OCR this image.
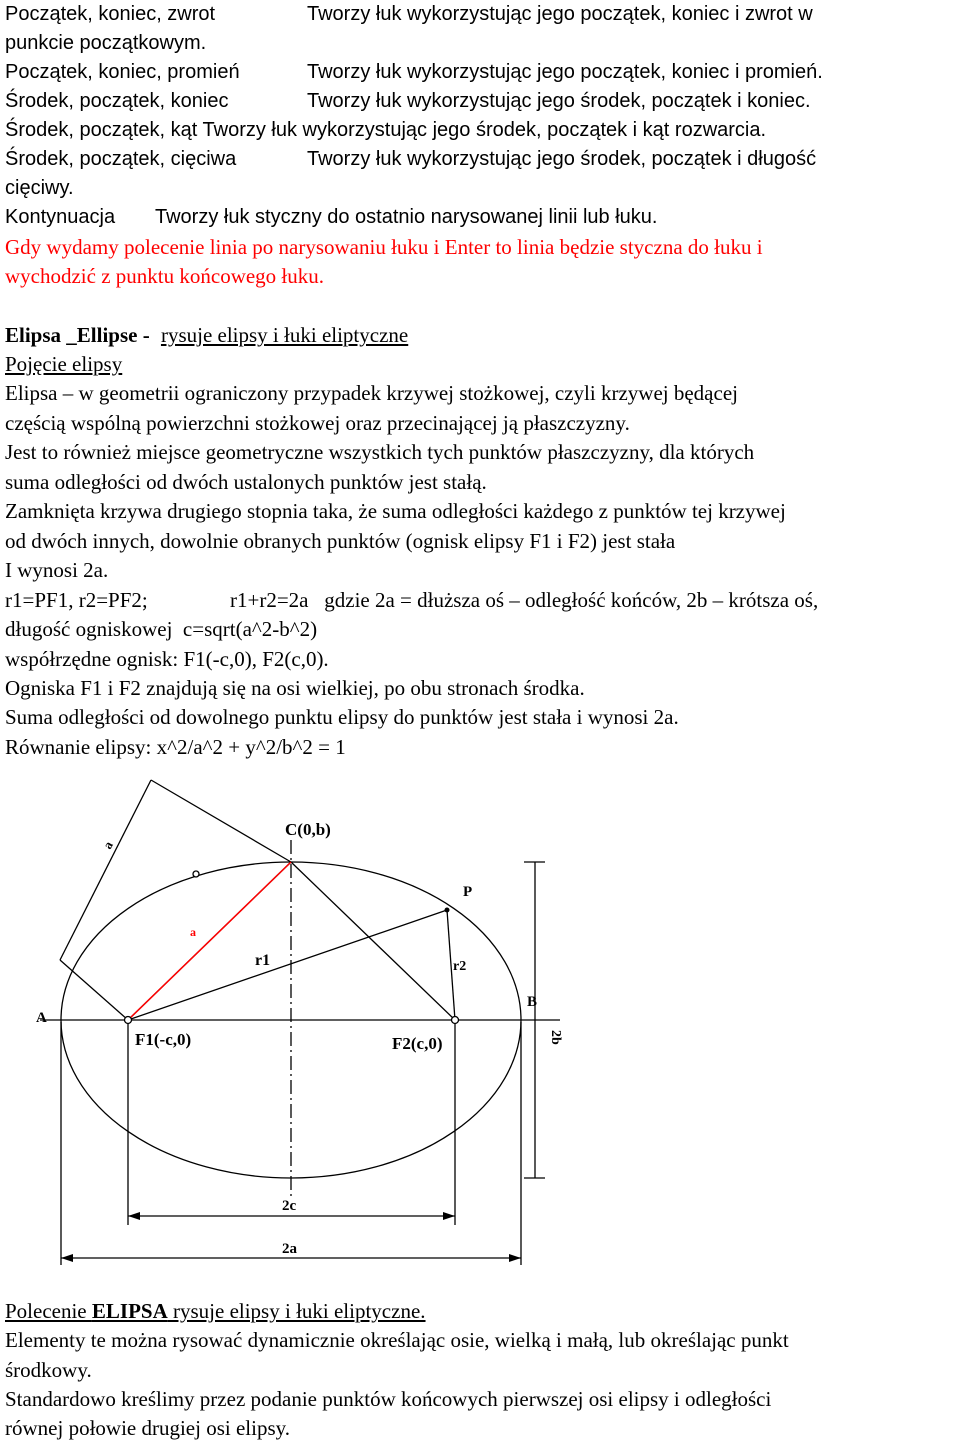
Początek, koniec, zwrot	Tworzy łuk wykorzystując jego początek, koniec i zwrot w
punkcie początkowym.
Początek, koniec, promień	Tworzy łuk wykorzystując jego początek, koniec i promień.
Środek, początek, koniec	Tworzy łuk wykorzystując jego środek, początek i koniec.
Środek, początek, kąt Tworzy łuk wykorzystując jego środek, początek i kąt rozwarcia.
Środek, początek, cięciwa	Tworzy łuk wykorzystując jego środek, początek i długość
cięciwy.
Kontynuacja Tworzy łuk styczny do ostatnio narysowanej linii lub łuku.
Gdy wydamy polecenie linia po narysowaniu łuku i Enter to linia będzie styczna do łuku i
wychodzić z punktu końcowego łuku.
Elipsa _Ellipse - rysuje elipsy i łuki eliptyczne
Pojęcie elipsy
Elipsa – w geometrii ograniczony przypadek krzywej stożkowej, czyli krzywej będącej
częścią wspólną powierzchni stożkowej oraz przecinającej ją płaszczyzny.
Jest to również miejsce geometryczne wszystkich tych punktów płaszczyzny, dla których
suma odległości od dwóch ustalonych punktów jest stałą.
Zamknięta krzywa drugiego stopnia taka, że suma odległości każdego z punktów tej krzywej
od dwóch innych, dowolnie obranych punktów (ognisk elipsy F1 i F2) jest stała
I wynosi 2a.
r1=PF1, r2=PF2;	r1+r2=2a   gdzie 2a = dłuższa oś – odległość końców, 2b – krótsza oś,
długość ogniskowej  c=sqrt(a^2-b^2)
współrzędne ognisk: F1(-c,0), F2(c,0).
Ogniska F1 i F2 znajdują się na osi wielkiej, po obu stronach środka.
Suma odległości od dowolnego punktu elipsy do punktów jest stała i wynosi 2a.
Równanie elipsy: x^2/a^2 + y^2/b^2 = 1
C(0,b)
P
r1	r2
A
B
F1(-c,0)	F2(c,0)
2c
2a
a
a
2b
Polecenie ELIPSA rysuje elipsy i łuki eliptyczne.
Elementy te można rysować dynamicznie określając osie, wielką i małą, lub określając punkt
środkowy.
Standardowo kreślimy przez podanie punktów końcowych pierwszej osi elipsy i odległości
równej połowie drugiej osi elipsy.
